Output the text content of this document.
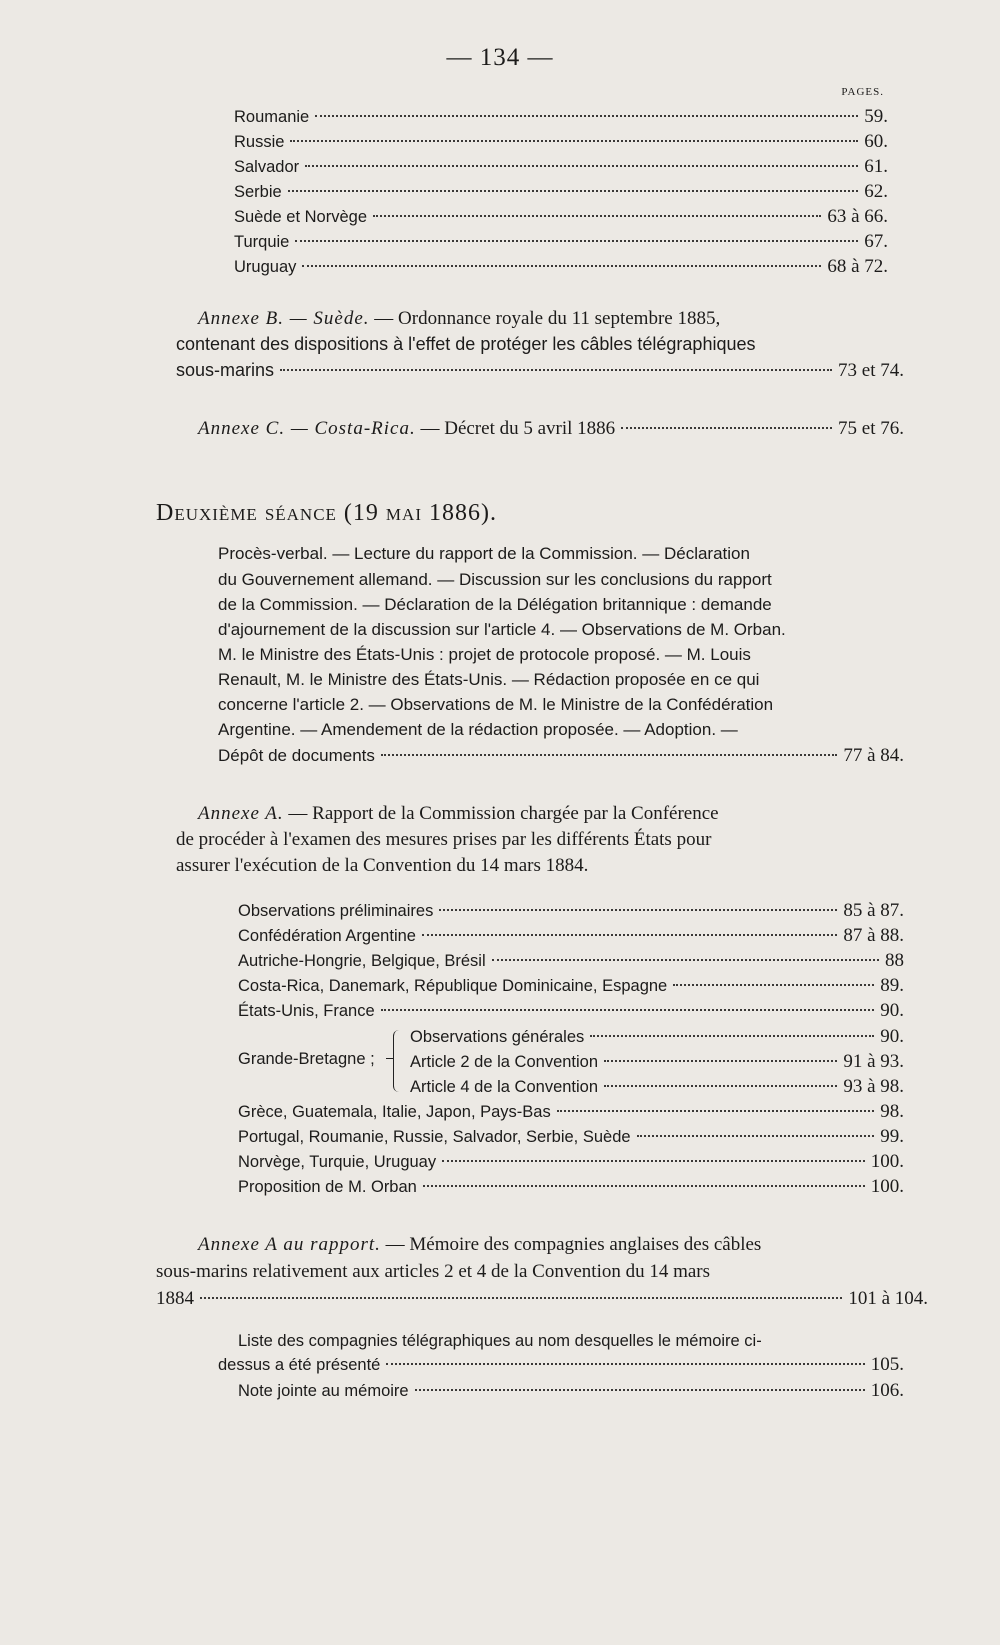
— 134 —
PAGES.
Roumanie	59.
Russie	60.
Salvador	61.
Serbie	62.
Suède et Norvège	63 à 66.
Turquie	67.
Uruguay	68 à 72.
Annexe B. — Suède. — Ordonnance royale du 11 septembre 1885,
contenant des dispositions à l'effet de protéger les câbles télégraphiques
sous-marins	73 et 74.
Annexe C. — Costa-Rica. — Décret du 5 avril 1886	75 et 76.
Deuxième séance (19 mai 1886).
Procès-verbal. — Lecture du rapport de la Commission. — Déclaration
du Gouvernement allemand. — Discussion sur les conclusions du rapport
de la Commission. — Déclaration de la Délégation britannique : demande
d'ajournement de la discussion sur l'article 4. — Observations de M. Orban.
M. le Ministre des États-Unis : projet de protocole proposé. — M. Louis
Renault, M. le Ministre des États-Unis. — Rédaction proposée en ce qui
concerne l'article 2. — Observations de M. le Ministre de la Confédération
Argentine. — Amendement de la rédaction proposée. — Adoption. —
Dépôt de documents	77 à 84.
Annexe A. — Rapport de la Commission chargée par la Conférence
de procéder à l'examen des mesures prises par les différents États pour
assurer l'exécution de la Convention du 14 mars 1884.
Observations préliminaires	85 à 87.
Confédération Argentine	87 à 88.
Autriche-Hongrie, Belgique, Brésil	88
Costa-Rica, Danemark, République Dominicaine, Espagne	89.
États-Unis, France	90.
Grande-Bretagne ;
Observations générales	90.
Article 2 de la Convention	91 à 93.
Article 4 de la Convention	93 à 98.
Grèce, Guatemala, Italie, Japon, Pays-Bas	98.
Portugal, Roumanie, Russie, Salvador, Serbie, Suède	99.
Norvège, Turquie, Uruguay	100.
Proposition de M. Orban	100.
Annexe A au rapport. — Mémoire des compagnies anglaises des câbles
sous-marins relativement aux articles 2 et 4 de la Convention du 14 mars
1884	101 à 104.
Liste des compagnies télégraphiques au nom desquelles le mémoire ci-
dessus a été présenté	105.
Note jointe au mémoire	106.
